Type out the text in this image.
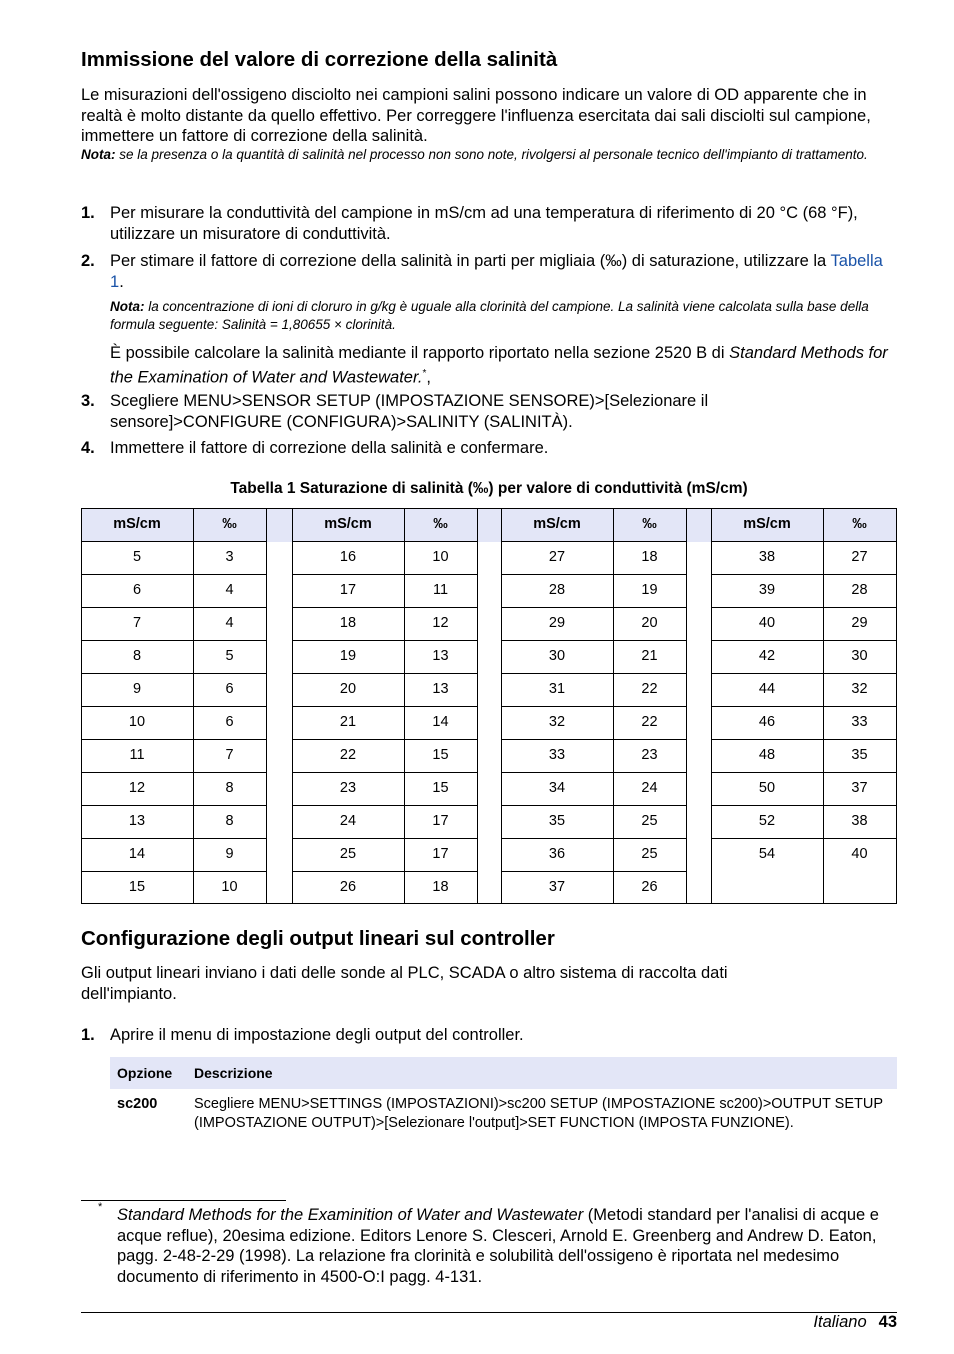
Immissione del valore di correzione della salinità

Le misurazioni dell'ossigeno disciolto nei campioni salini possono indicare un valore di OD apparente che in realtà è molto distante da quello effettivo. Per correggere l'influenza esercitata dai sali disciolti sul campione, immettere un fattore di correzione della salinità.

Nota: se la presenza o la quantità di salinità nel processo non sono note, rivolgersi al personale tecnico dell'impianto di trattamento.

1. Per misurare la conduttività del campione in mS/cm ad una temperatura di riferimento di 20 °C (68 °F), utilizzare un misuratore di conduttività.

2. Per stimare il fattore di correzione della salinità in parti per migliaia (‰) di saturazione, utilizzare la Tabella 1.

Nota: la concentrazione di ioni di cloruro in g/kg è uguale alla clorinità del campione. La salinità viene calcolata sulla base della formula seguente: Salinità = 1,80655 × clorinità.

È possibile calcolare la salinità mediante il rapporto riportato nella sezione 2520 B di Standard Methods for the Examination of Water and Wastewater.*,

3. Scegliere MENU>SENSOR SETUP (IMPOSTAZIONE SENSORE)>[Selezionare il sensore]>CONFIGURE (CONFIGURA)>SALINITY (SALINITÀ).

4. Immettere il fattore di correzione della salinità e confermare.

Tabella 1 Saturazione di salinità (‰) per valore di conduttività (mS/cm)
mS/cm	‰
5	3
6	4
7	4
8	5
9	6
10	6
11	7
12	8
13	8
14	9
15	10
mS/cm	‰
16	10
17	11
18	12
19	13
20	13
21	14
22	15
23	15
24	17
25	17
26	18
mS/cm	‰
27	18
28	19
29	20
30	21
31	22
32	22
33	23
34	24
35	25
36	25
37	26
mS/cm	‰
38	27
39	28
40	29
42	30
44	32
46	33
48	35
50	37
52	38
54	40
Configurazione degli output lineari sul controller

Gli output lineari inviano i dati delle sonde al PLC, SCADA o altro sistema di raccolta dati dell'impianto.

1. Aprire il menu di impostazione degli output del controller.

Opzione Descrizione
sc200	Scegliere MENU>SETTINGS (IMPOSTAZIONI)>sc200 SETUP (IMPOSTAZIONE sc200)>OUTPUT SETUP (IMPOSTAZIONE OUTPUT)>[Selezionare l'output]>SET FUNCTION (IMPOSTA FUNZIONE).
* Standard Methods for the Examinition of Water and Wastewater (Metodi standard per l'analisi di acque e acque reflue), 20esima edizione. Editors Lenore S. Clesceri, Arnold E. Greenberg and Andrew D. Eaton, pagg. 2-48-2-29 (1998). La relazione fra clorinità e solubilità dell'ossigeno è riportata nel medesimo documento di riferimento in 4500-O:I pagg. 4-131.

Italiano 43
